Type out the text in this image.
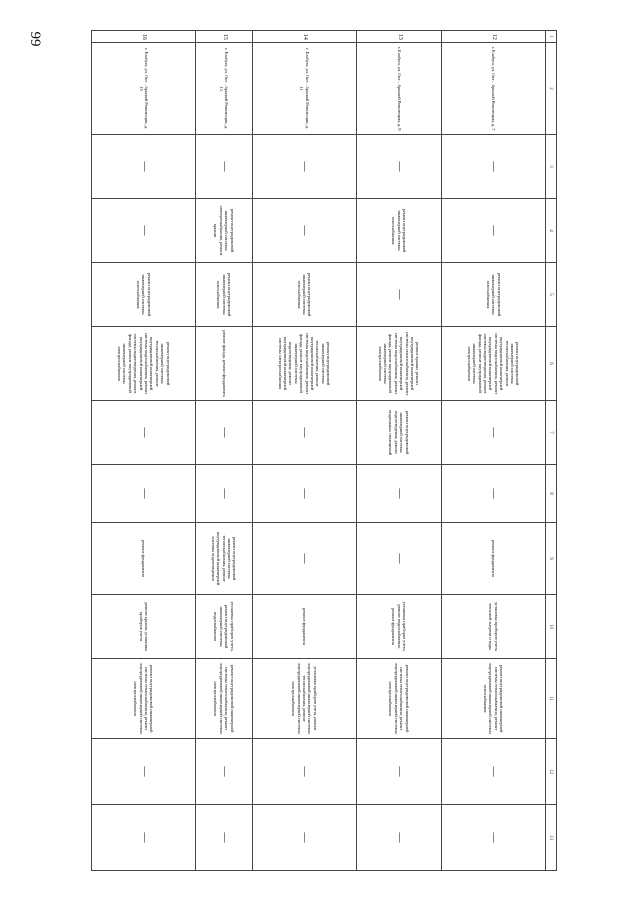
99	1	2	3	4	5	6	7	8	9	10	11	12	13

12	г. Елабуга, ул. Окт…брьской Революции, д. 7	—	—	ремонт внутридомовой инженерной системы газоснабжения	ремонт внутридомовой инженерной системы теплоснабжения, ремонт внутридомовой инженерной системы водоснабжения, ремонт внутридомовой инженерной системы водоотведения, ремонт фасада, ремонт внутридомовой инженерной системы электроснабжения	—	—	ремонт фундамента	установка приборов учета тепловой энергии и воды	ремонт внутридомовой инженерной системы теплоснабжения, ремонт внутридомовой инженерной системы газоснабжения	—	—

13	г. Елабуга, ул. Окт…брьской Революции, д. 9	—	ремонт внутридомовой инженерной системы газоснабжения	—	ремонт крыши, ремонт внутридомовой инженерной системы теплоснабжения, ремонт внутридомовой инженерной системы водоснабжения, ремонт фасада, ремонт внутридомовой инженерной системы электроснабжения	ремонт внутридомовой инженерной системы водоотведения, ремонт подвальных помещений	—	—	установка приборов учета, ремонт водоснабжения, ремонт фундамента	ремонт внутридомовой инженерной системы теплоснабжения, ремонт внутридомовой инженерной системы электроснабжения	—	—

14	г. Елабуга, ул. Окт…брьской Революции, д. 11	—	—	ремонт внутридомовой инженерной системы газоснабжения	ремонт внутридомовой инженерной системы теплоснабжения, ремонт внутридомовой инженерной системы водоснабжения, ремонт фасада, ремонт внутридомовой инженерной системы водоотведения, ремонт внутридомовой инженерной системы электроснабжения	—	—	—	ремонт фундамента	установка приборов учета, ремонт внутридомовой инженерной системы теплоснабжения, ремонт внутридомовой инженерной системы электроснабжения	—	—

15	г. Елабуга, ул. Окт…брьской Революции, д. 13	—	ремонт внутридомовой инженерной системы электроснабжения, ремонт крыши	ремонт внутридомовой инженерной системы газоснабжения	ремонт фасада, ремонт фундамента	—	—	ремонт внутридомовой инженерной системы теплоснабжения, ремонт внутридомовой инженерной системы водоотведения	установка приборов учета, ремонт внутридомовой инженерной системы водоснабжения	ремонт внутридомовой инженерной системы теплоснабжения, ремонт внутридомовой инженерной системы электроснабжения	—	—

16	г. Елабуга, ул. Окт…брьской Революции, д. 15	—	—	ремонт внутридомовой инженерной системы газоснабжения	ремонт внутридомовой инженерной системы теплоснабжения, ремонт внутридомовой инженерной системы водоснабжения, ремонт внутридомовой инженерной системы водоотведения, ремонт фасада, ремонт внутридомовой инженерной системы электроснабжения	—	—	ремонт фундамента	ремонт крыши, установка приборов учета	ремонт внутридомовой инженерной системы теплоснабжения, ремонт внутридомовой инженерной системы электроснабжения	—	—
